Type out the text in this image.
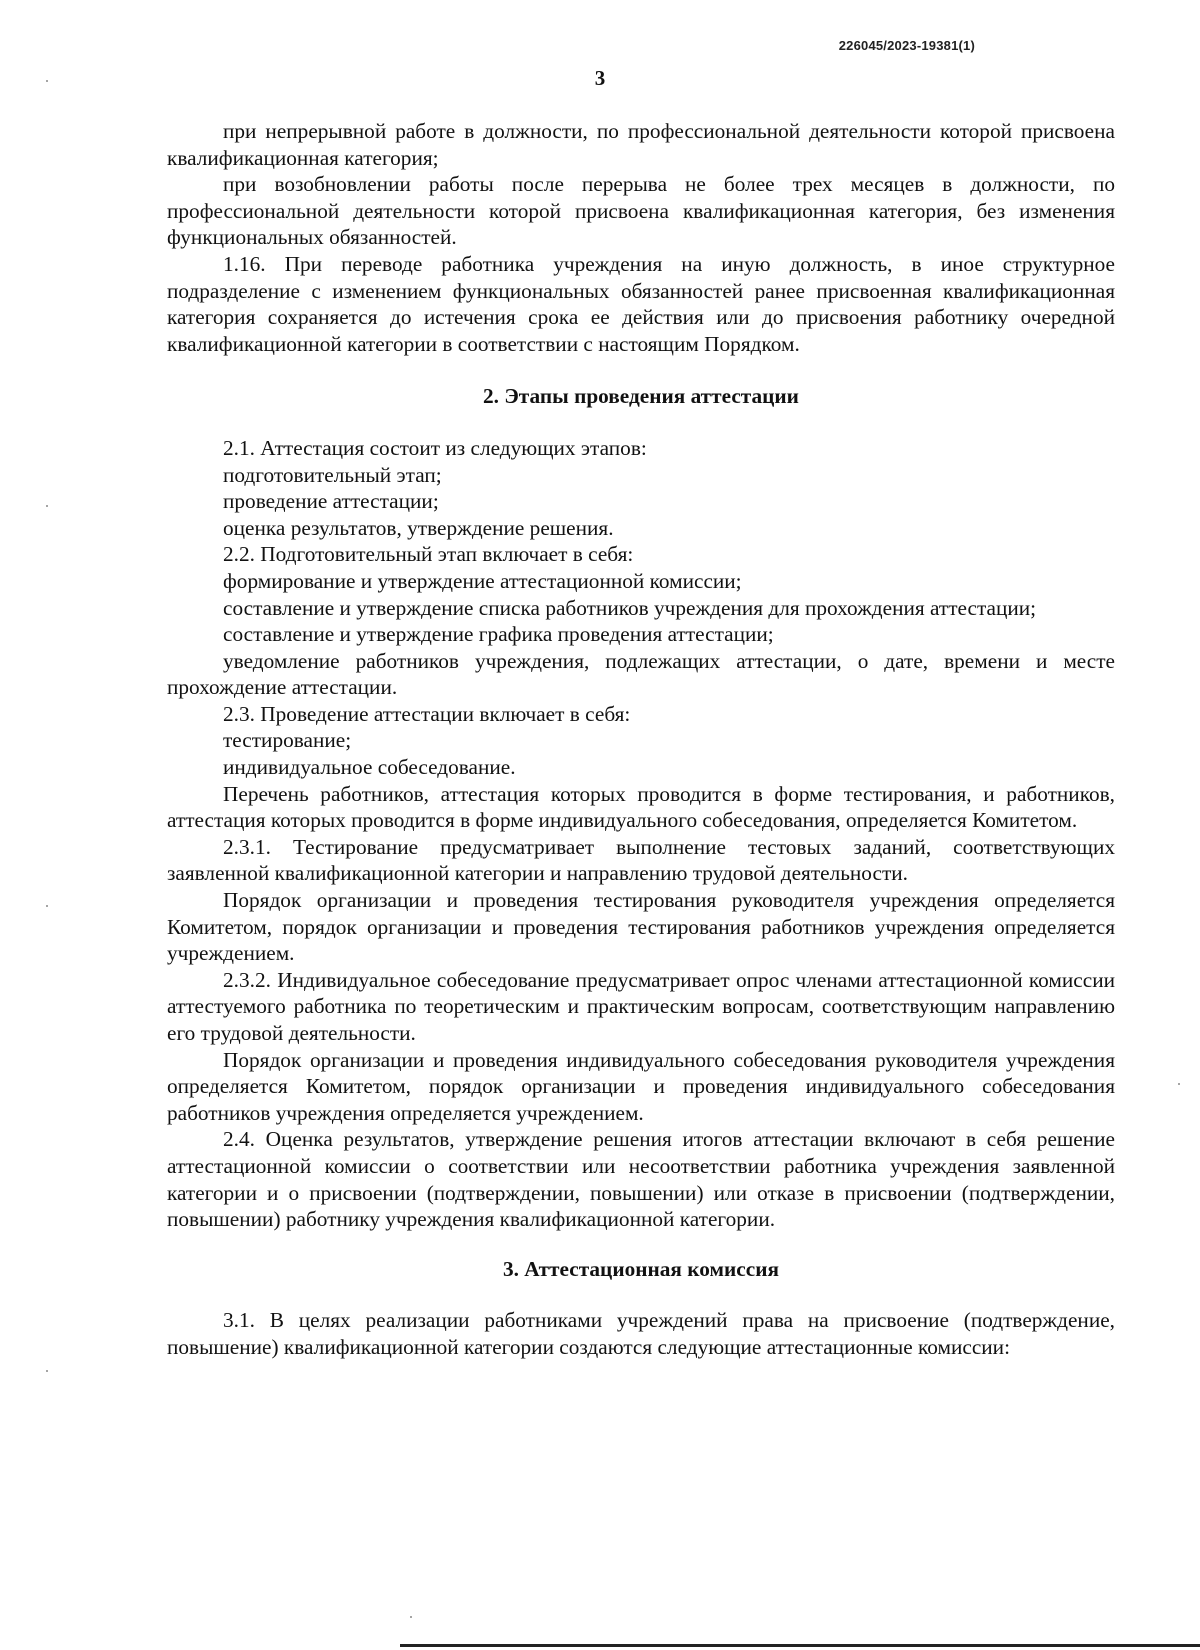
226045/2023-19381(1)
3

при непрерывной работе в должности, по профессиональной деятельности которой присвоена квалификационная категория;

при возобновлении работы после перерыва не более трех месяцев в должности, по профессиональной деятельности которой присвоена квалификационная категория, без изменения функциональных обязанностей.

1.16. При переводе работника учреждения на иную должность, в иное структурное подразделение с изменением функциональных обязанностей ранее присвоенная квалификационная категория сохраняется до истечения срока ее действия или до присвоения работнику очередной квалификационной категории в соответствии с настоящим Порядком.

2. Этапы проведения аттестации

2.1. Аттестация состоит из следующих этапов:

подготовительный этап;

проведение аттестации;

оценка результатов, утверждение решения.

2.2. Подготовительный этап включает в себя:

формирование и утверждение аттестационной комиссии;

составление и утверждение списка работников учреждения для прохождения аттестации;

составление и утверждение графика проведения аттестации;

уведомление работников учреждения, подлежащих аттестации, о дате, времени и месте прохождение аттестации.

2.3. Проведение аттестации включает в себя:

тестирование;

индивидуальное собеседование.

Перечень работников, аттестация которых проводится в форме тестирования, и работников, аттестация которых проводится в форме индивидуального собеседования, определяется Комитетом.

2.3.1. Тестирование предусматривает выполнение тестовых заданий, соответствующих заявленной квалификационной категории и направлению трудовой деятельности.

Порядок организации и проведения тестирования руководителя учреждения определяется Комитетом, порядок организации и проведения тестирования работников учреждения определяется учреждением.

2.3.2. Индивидуальное собеседование предусматривает опрос членами аттестационной комиссии аттестуемого работника по теоретическим и практическим вопросам, соответствующим направлению его трудовой деятельности.

Порядок организации и проведения индивидуального собеседования руководителя учреждения определяется Комитетом, порядок организации и проведения индивидуального собеседования работников учреждения определяется учреждением.

2.4. Оценка результатов, утверждение решения итогов аттестации включают в себя решение аттестационной комиссии о соответствии или несоответствии работника учреждения заявленной категории и о присвоении (подтверждении, повышении) или отказе в присвоении (подтверждении, повышении) работнику учреждения квалификационной категории.

3. Аттестационная комиссия

3.1. В целях реализации работниками учреждений права на присвоение (подтверждение, повышение) квалификационной категории создаются следующие аттестационные комиссии:
